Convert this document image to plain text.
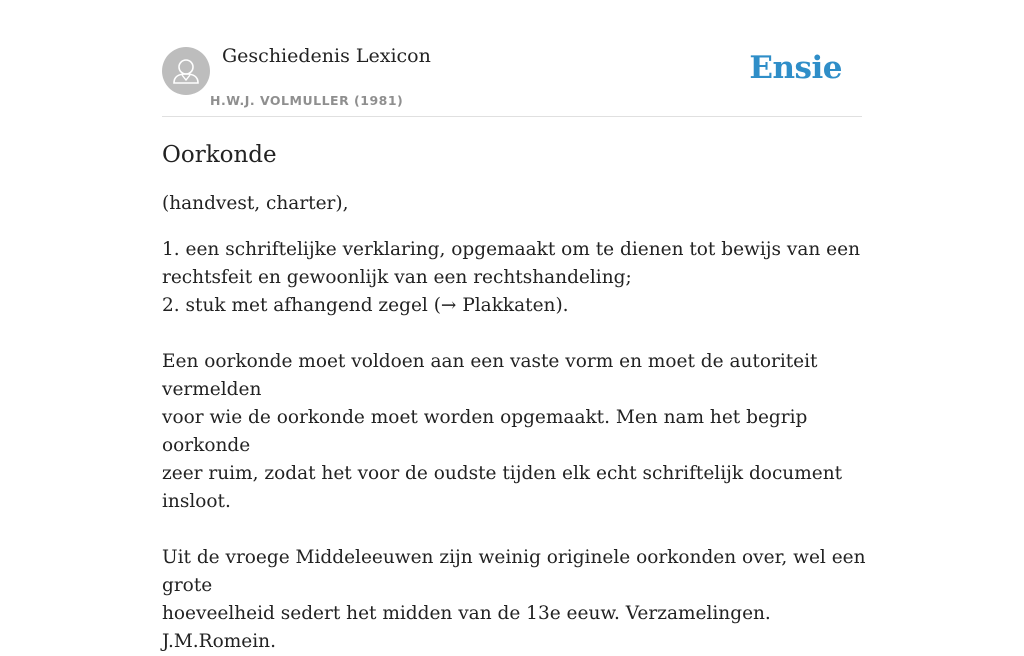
Geschiedenis Lexicon
H.W.J. VOLMULLER (1981)
Ensie
Oorkonde

(handvest, charter),

1. een schriftelijke verklaring, opgemaakt om te dienen tot bewijs van een
rechtsfeit en gewoonlijk van een rechtshandeling;
2. stuk met afhangend zegel (→ Plakkaten).
Een oorkonde moet voldoen aan een vaste vorm en moet de autoriteit vermelden
voor wie de oorkonde moet worden opgemaakt. Men nam het begrip oorkonde
zeer ruim, zodat het voor de oudste tijden elk echt schriftelijk document insloot.
Uit de vroege Middeleeuwen zijn weinig originele oorkonden over, wel een grote
hoeveelheid sedert het midden van de 13e eeuw. Verzamelingen. J.M.Romein.
